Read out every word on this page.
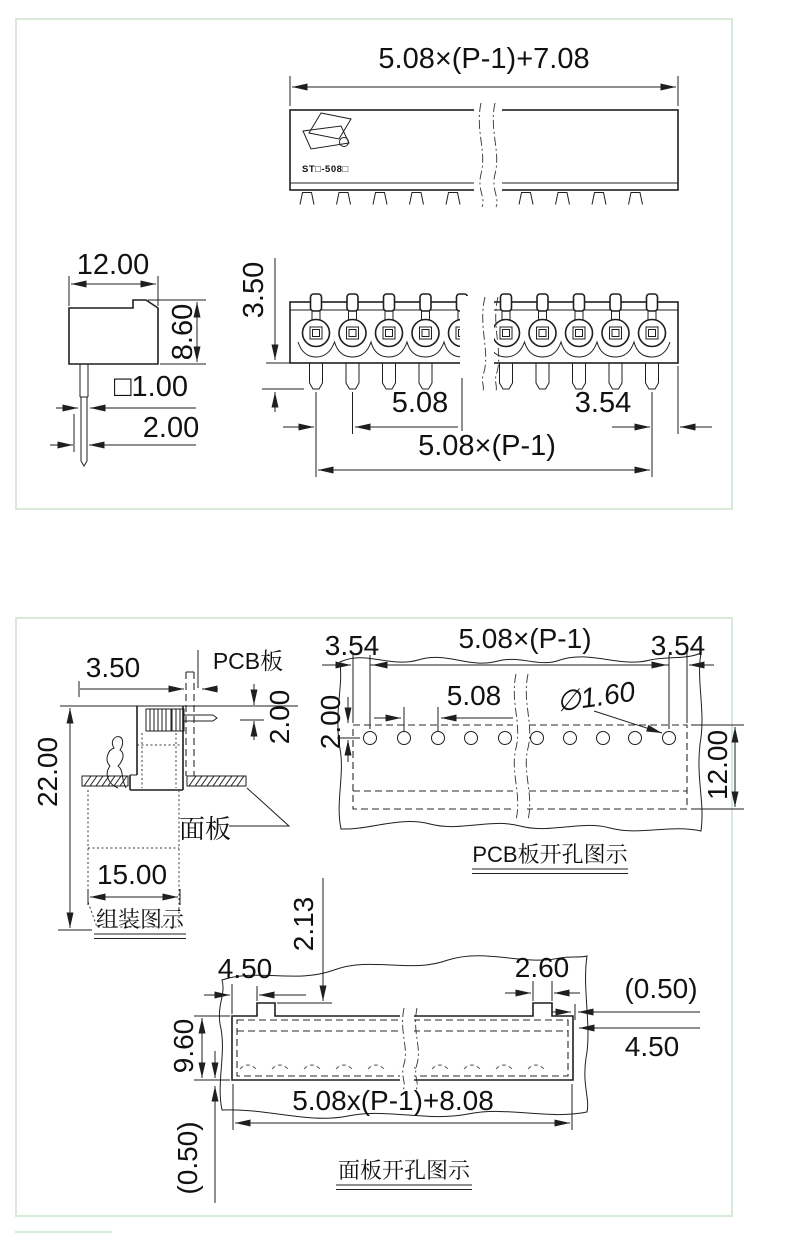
5.08×(P-1)+7.08
ST□-508□
12.00
8.60
□1.00
2.00
3.50
5.08	3.54
5.08×(P-1)
3.50	PCB板
2.00
22.00
面板
15.00
组装图示
3.54	5.08×(P-1) 3.54
5.08 ∅1.60
2.00
12.00
PCB板开孔图示
2.13
4.50	2.60
(0.50)
4.50
9.60
(0.50)
5.08x(P-1)+8.08
面板开孔图示
